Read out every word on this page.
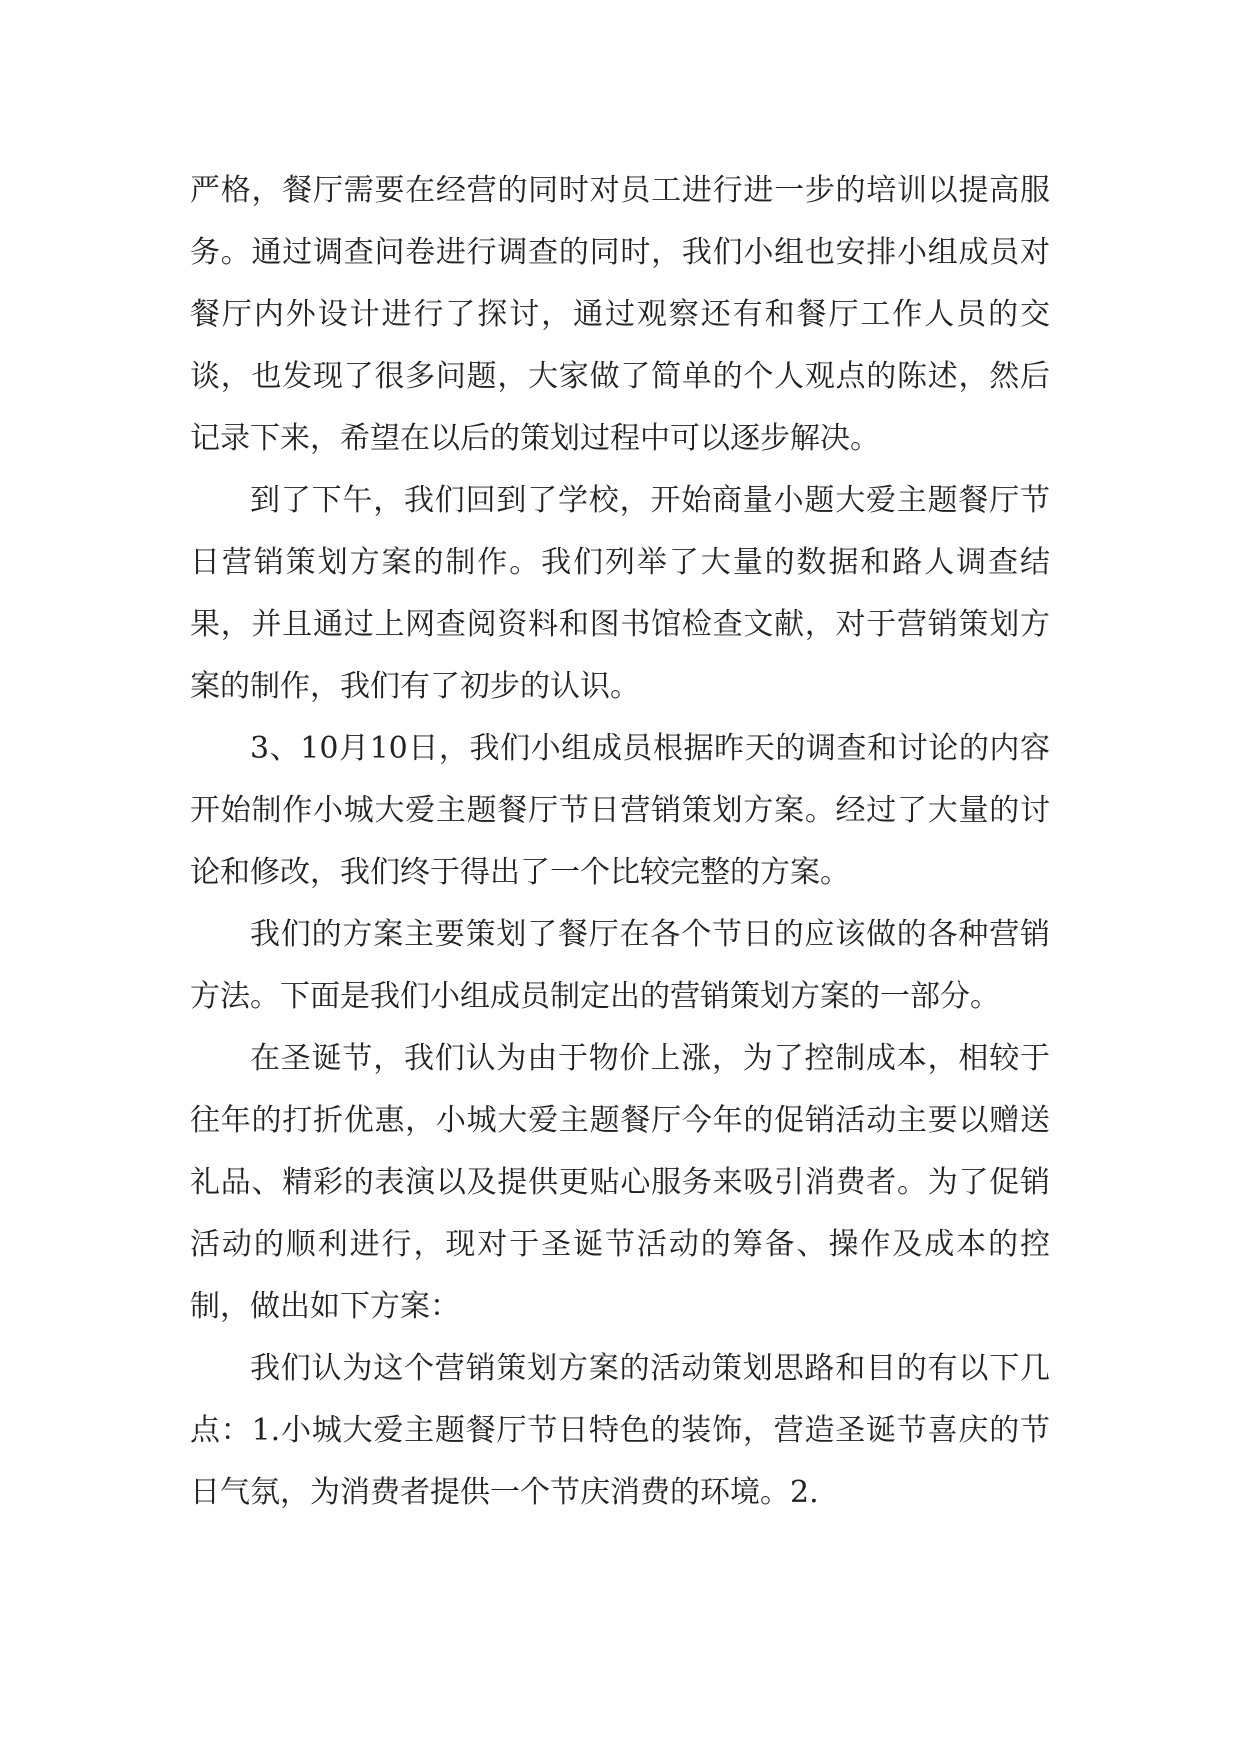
严格，餐厅需要在经营的同时对员工进行进一步的培训以提高服务。通过调查问卷进行调查的同时，我们小组也安排小组成员对餐厅内外设计进行了探讨，通过观察还有和餐厅工作人员的交谈，也发现了很多问题，大家做了简单的个人观点的陈述，然后记录下来，希望在以后的策划过程中可以逐步解决。

到了下午，我们回到了学校，开始商量小题大爱主题餐厅节日营销策划方案的制作。我们列举了大量的数据和路人调查结果，并且通过上网查阅资料和图书馆检查文献，对于营销策划方案的制作，我们有了初步的认识。

3、10月10日，我们小组成员根据昨天的调查和讨论的内容开始制作小城大爱主题餐厅节日营销策划方案。经过了大量的讨论和修改，我们终于得出了一个比较完整的方案。

我们的方案主要策划了餐厅在各个节日的应该做的各种营销方法。下面是我们小组成员制定出的营销策划方案的一部分。

在圣诞节，我们认为由于物价上涨，为了控制成本，相较于往年的打折优惠，小城大爱主题餐厅今年的促销活动主要以赠送礼品、精彩的表演以及提供更贴心服务来吸引消费者。为了促销活动的顺利进行，现对于圣诞节活动的筹备、操作及成本的控制，做出如下方案：

我们认为这个营销策划方案的活动策划思路和目的有以下几点：1.小城大爱主题餐厅节日特色的装饰，营造圣诞节喜庆的节日气氛，为消费者提供一个节庆消费的环境。2.
